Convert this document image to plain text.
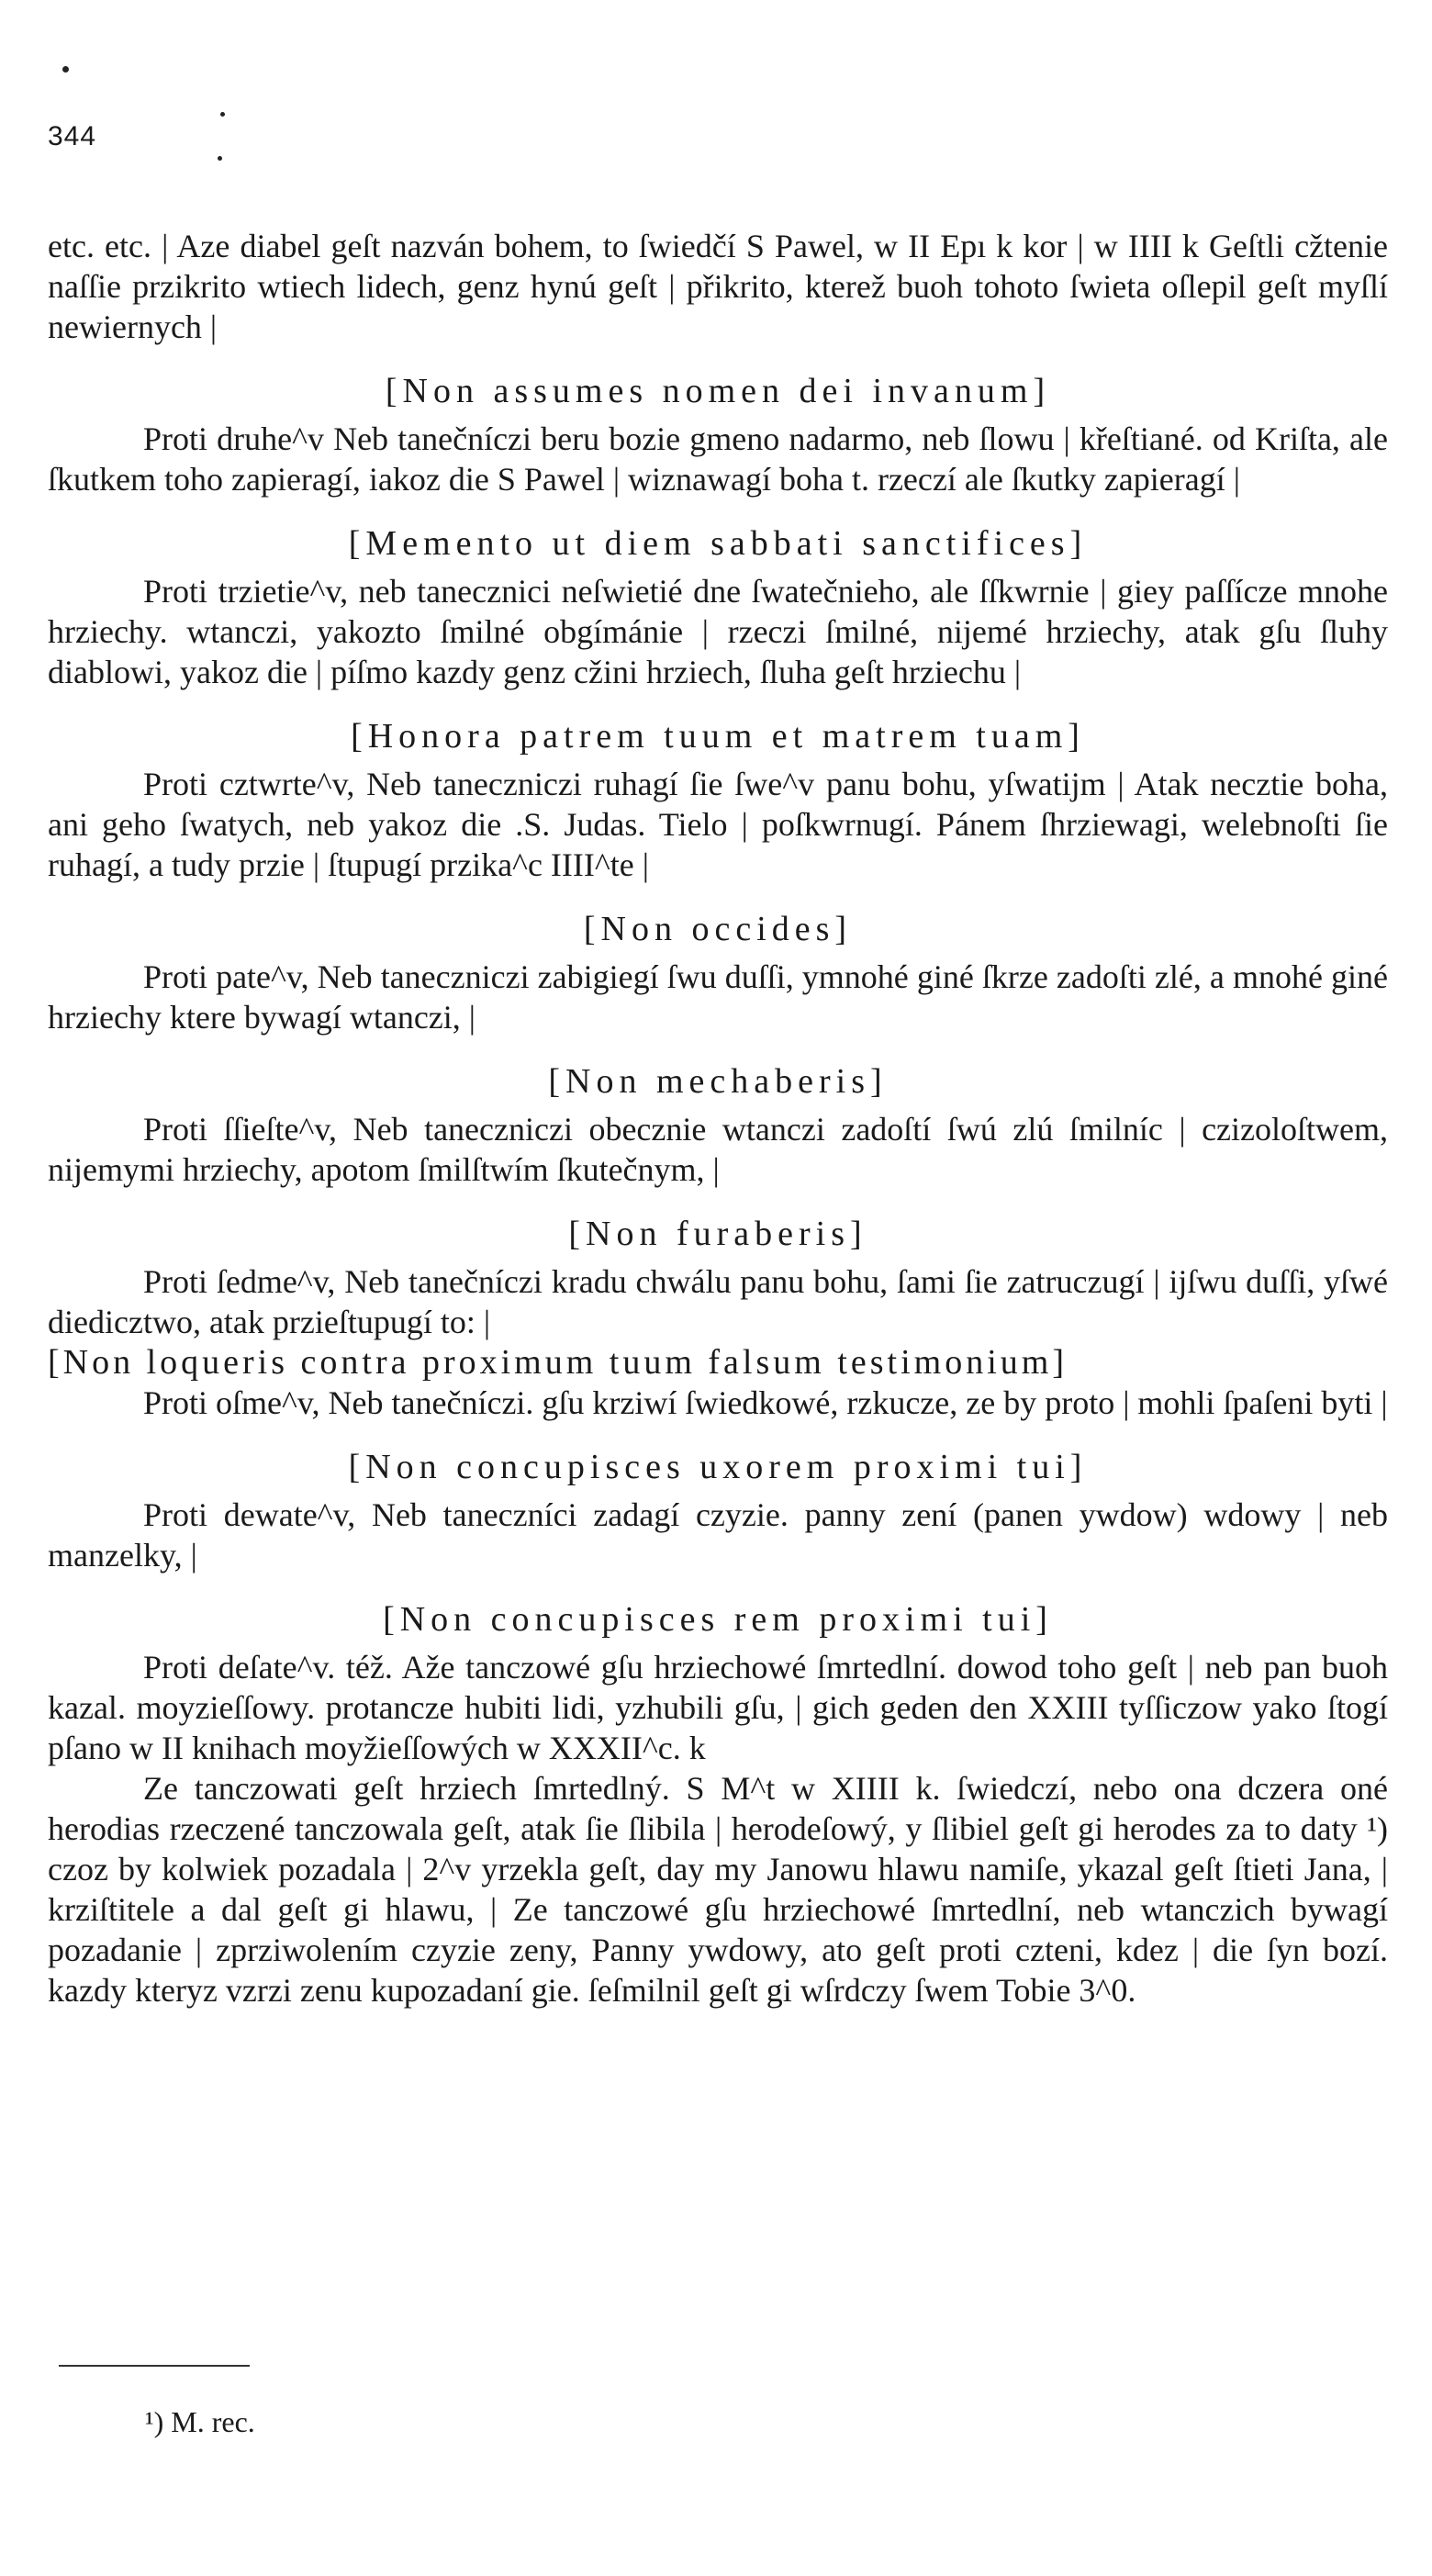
344

etc. etc. | Aze diabel geſt nazván bohem, to ſwiedčí S Pawel, w II Epı k kor | w IIII k Geſtli cžtenie naſſie przikrito wtiech lidech, genz hynú geſt | přikrito, kterež buoh tohoto ſwieta oſlepil geſt myſlí newiernych |

[Non assumes nomen dei invanum]

Proti druhe^v Neb tanečníczi beru bozie gmeno nadarmo, neb ſlowu | křeſtiané. od Kriſta, ale ſkutkem toho zapieragí, iakoz die S Pawel | wiznawagí boha t. rzeczí ale ſkutky zapieragí |

[Memento ut diem sabbati sanctifices]

Proti trzietie^v, neb tanecznici neſwietié dne ſwatečnieho, ale ſſkwrnie | giey paſſícze mnohe hrziechy. wtanczi, yakozto ſmilné obgímánie | rzeczi ſmilné, nijemé hrziechy, atak gſu ſluhy diablowi, yakoz die | píſmo kazdy genz cžini hrziech, ſluha geſt hrziechu |

[Honora patrem tuum et matrem tuam]

Proti cztwrte^v, Neb taneczniczi ruhagí ſie ſwe^v panu bohu, yſwatijm | Atak necztie boha, ani geho ſwatych, neb yakoz die .S. Judas. Tielo | poſkwrnugí. Pánem ſhrziewagi, welebnoſti ſie ruhagí, a tudy przie | ſtupugí przika^c IIII^te |

[Non occides]

Proti pate^v, Neb taneczniczi zabigiegí ſwu duſſi, ymnohé giné ſkrze zadoſti zlé, a mnohé giné hrziechy ktere bywagí wtanczi, |

[Non mechaberis]

Proti ſſieſte^v, Neb taneczniczi obecznie wtanczi zadoſtí ſwú zlú ſmilníc | czizoloſtwem, nijemymi hrziechy, apotom ſmilſtwím ſkutečnym, |

[Non furaberis]

Proti ſedme^v, Neb tanečníczi kradu chwálu panu bohu, ſami ſie zatruczugí | ijſwu duſſi, yſwé diedicztwo, atak przieſtupugí to: |

[Non loqueris contra proximum tuum falsum testimonium]

Proti oſme^v, Neb tanečníczi. gſu krziwí ſwiedkowé, rzkucze, ze by proto | mohli ſpaſeni byti |

[Non concupisces uxorem proximi tui]

Proti dewate^v, Neb taneczníci zadagí czyzie. panny zení (panen ywdow) wdowy | neb manzelky, |

[Non concupisces rem proximi tui]

Proti deſate^v. též. Aže tanczowé gſu hrziechowé ſmrtedlní. dowod toho geſt | neb pan buoh kazal. moyzieſſowy. protancze hubiti lidi, yzhubili gſu, | gich geden den XXIII tyſſiczow yako ſtogí pſano w II knihach moyžieſſowých w XXXII^c. k

Ze tanczowati geſt hrziech ſmrtedlný. S M^t w XIIII k. ſwiedczí, nebo ona dczera oné herodias rzeczené tanczowala geſt, atak ſie ſlibila | herodeſowý, y ſlibiel geſt gi herodes za to daty ¹) czoz by kolwiek pozadala | 2^v yrzekla geſt, day my Janowu hlawu namiſe, ykazal geſt ſtieti Jana, | krziſtitele a dal geſt gi hlawu, | Ze tanczowé gſu hrziechowé ſmrtedlní, neb wtanczich bywagí pozadanie | zprziwolením czyzie zeny, Panny ywdowy, ato geſt proti czteni, kdez | die ſyn bozí. kazdy kteryz vzrzi zenu kupozadaní gie. ſeſmilnil geſt gi wſrdczy ſwem Tobie 3^0.

¹) M. rec.
